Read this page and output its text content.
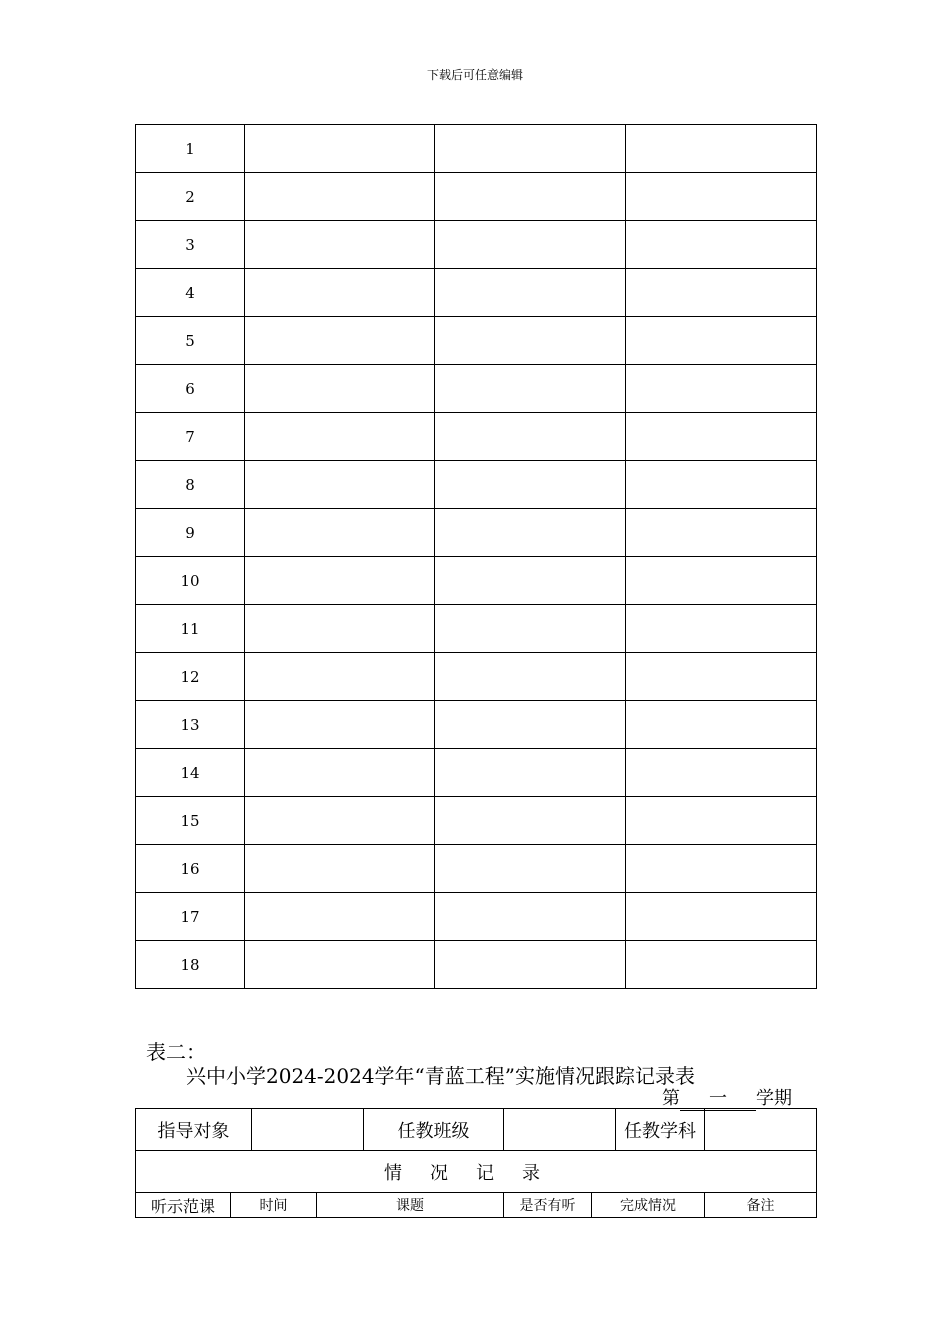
下载后可任意编辑
1			
2			
3			
4			
5			
6			
7			
8			
9			
10			
11			
12			
13			
14			
15			
16			
17			
18			
表二：
兴中小学2024-2024学年“青蓝工程”实施情况跟踪记录表
第 一 学期
指导对象				任教班级			任教学科	
情况记录								
听示范课	时间		课题		是否有听	完成情况		备注
